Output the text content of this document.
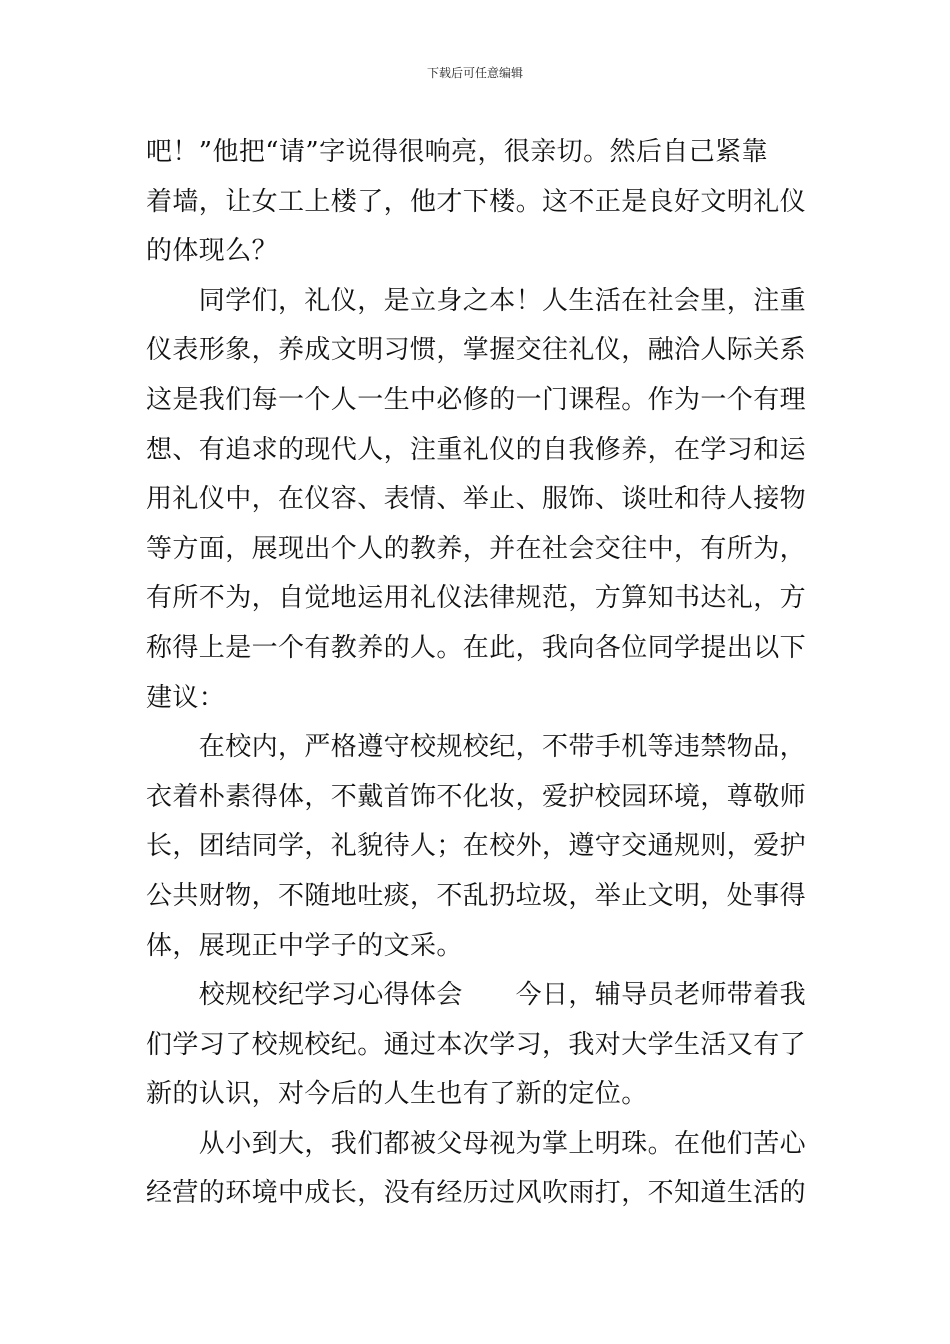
下载后可任意编辑
吧！”他把“请”字说得很响亮，很亲切。然后自己紧靠
着墙，让女工上楼了，他才下楼。这不正是良好文明礼仪
的体现么？
　　同学们，礼仪，是立身之本！人生活在社会里，注重
仪表形象，养成文明习惯，掌握交往礼仪，融洽人际关系
这是我们每一个人一生中必修的一门课程。作为一个有理
想、有追求的现代人，注重礼仪的自我修养，在学习和运
用礼仪中，在仪容、表情、举止、服饰、谈吐和待人接物
等方面，展现出个人的教养，并在社会交往中，有所为，
有所不为，自觉地运用礼仪法律规范，方算知书达礼，方
称得上是一个有教养的人。在此，我向各位同学提出以下
建议：
　　在校内，严格遵守校规校纪，不带手机等违禁物品，
衣着朴素得体，不戴首饰不化妆，爱护校园环境，尊敬师
长，团结同学，礼貌待人；在校外，遵守交通规则，爱护
公共财物，不随地吐痰，不乱扔垃圾，举止文明，处事得
体，展现正中学子的文采。
　　校规校纪学习心得体会　　今日，辅导员老师带着我
们学习了校规校纪。通过本次学习，我对大学生活又有了
新的认识，对今后的人生也有了新的定位。
　　从小到大，我们都被父母视为掌上明珠。在他们苦心
经营的环境中成长，没有经历过风吹雨打，不知道生活的
